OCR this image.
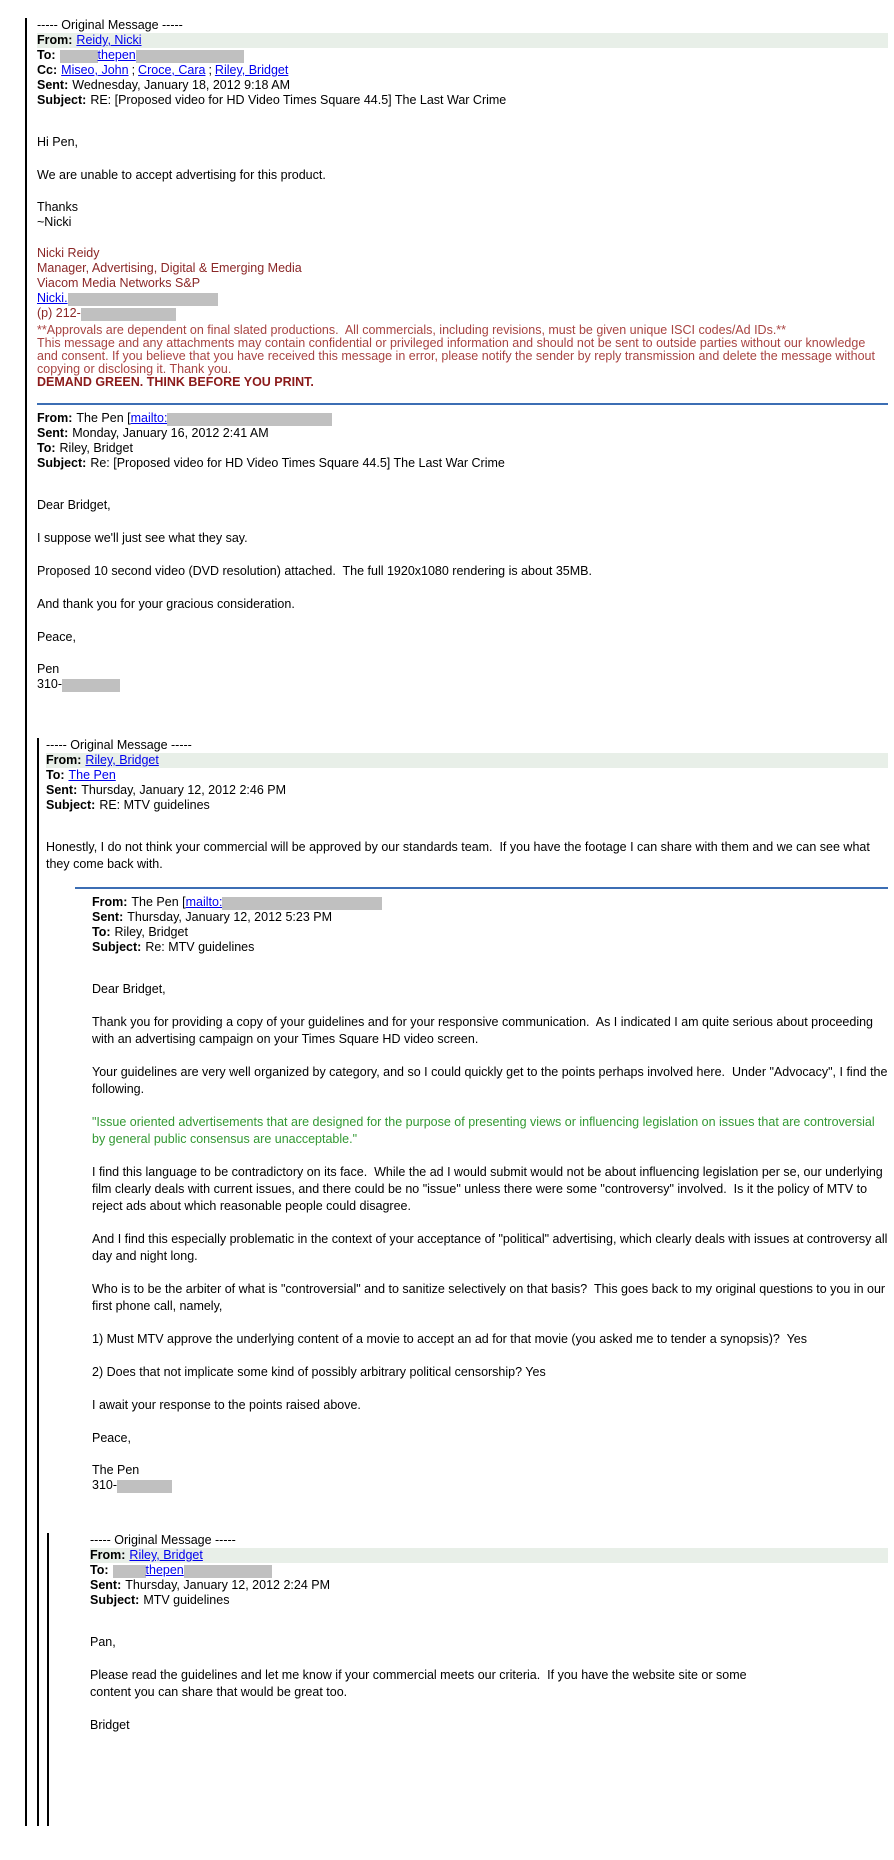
----- Original Message -----
From: Reidy, Nicki
To:	thepen
Cc: Miseo, John ; Croce, Cara ; Riley, Bridget
Sent: Wednesday, January 18, 2012 9:18 AM
Subject: RE: [Proposed video for HD Video Times Square 44.5] The Last War Crime

Hi Pen,

We are unable to accept advertising for this product.

Thanks
~Nicki
Nicki Reidy
Manager, Advertising, Digital & Emerging Media
Viacom Media Networks S&P
Nicki.
(p) 212-
**Approvals are dependent on final slated productions.  All commercials, including revisions, must be given unique ISCI codes/Ad IDs.**
This message and any attachments may contain confidential or privileged information and should not be sent to outside parties without our knowledge and consent. If you believe that you have received this message in error, please notify the sender by reply transmission and delete the message without copying or disclosing it. Thank you.
DEMAND GREEN. THINK BEFORE YOU PRINT.
From: The Pen [mailto:
Sent: Monday, January 16, 2012 2:41 AM
To: Riley, Bridget
Subject: Re: [Proposed video for HD Video Times Square 44.5] The Last War Crime

Dear Bridget,

I suppose we'll just see what they say.

Proposed 10 second video (DVD resolution) attached.  The full 1920x1080 rendering is about 35MB.

And thank you for your gracious consideration.

Peace,

Pen
310-
----- Original Message -----
From: Riley, Bridget
To: The Pen
Sent: Thursday, January 12, 2012 2:46 PM
Subject: RE: MTV guidelines

Honestly, I do not think your commercial will be approved by our standards team.  If you have the footage I can share with them and we can see what they come back with.

From: The Pen [mailto:
Sent: Thursday, January 12, 2012 5:23 PM
To: Riley, Bridget
Subject: Re: MTV guidelines

Dear Bridget,

Thank you for providing a copy of your guidelines and for your responsive communication.  As I indicated I am quite serious about proceeding with an advertising campaign on your Times Square HD video screen.

Your guidelines are very well organized by category, and so I could quickly get to the points perhaps involved here.  Under "Advocacy", I find the following.

"Issue oriented advertisements that are designed for the purpose of presenting views or influencing legislation on issues that are controversial by general public consensus are unacceptable."

I find this language to be contradictory on its face.  While the ad I would submit would not be about influencing legislation per se, our underlying film clearly deals with current issues, and there could be no "issue" unless there were some "controversy" involved.  Is it the policy of MTV to reject ads about which reasonable people could disagree.

And I find this especially problematic in the context of your acceptance of "political" advertising, which clearly deals with issues at controversy all day and night long.

Who is to be the arbiter of what is "controversial" and to sanitize selectively on that basis?  This goes back to my original questions to you in our first phone call, namely,

1) Must MTV approve the underlying content of a movie to accept an ad for that movie (you asked me to tender a synopsis)?  Yes

2) Does that not implicate some kind of possibly arbitrary political censorship? Yes

I await your response to the points raised above.

Peace,

The Pen
310-
----- Original Message -----
From: Riley, Bridget
To:	thepen
Sent: Thursday, January 12, 2012 2:24 PM
Subject: MTV guidelines

Pan,

Please read the guidelines and let me know if your commercial meets our criteria.  If you have the website site or some content you can share that would be great too.

Bridget
